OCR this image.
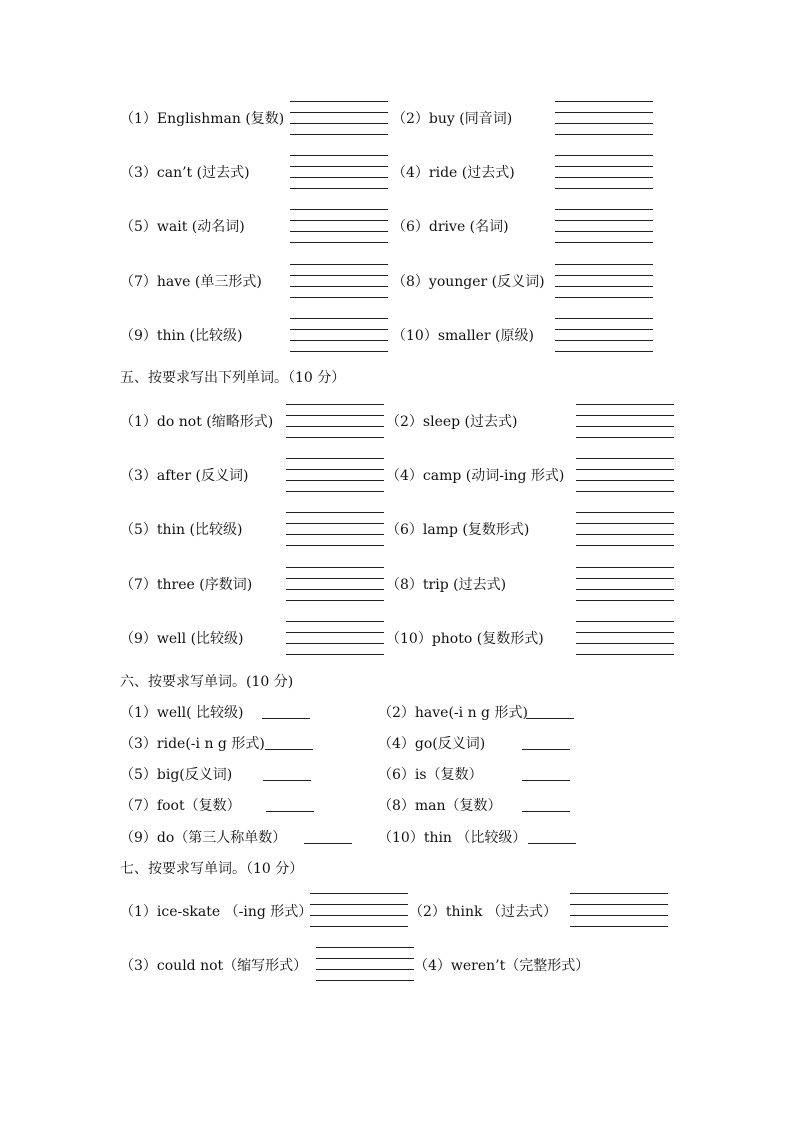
（1）Englishman (复数)	（2）buy (同音词)
（3）can’t (过去式)	（4）ride (过去式)
（5）wait (动名词)	（6）drive (名词)
（7）have (单三形式)	（8）younger (反义词)
（9）thin (比较级)	（10）smaller (原级)
五、按要求写出下列单词。（10 分）
（1）do not (缩略形式)	（2）sleep (过去式)
（3）after (反义词)	（4）camp (动词-ing 形式)
（5）thin (比较级)	（6）lamp (复数形式)
（7）three (序数词)	（8）trip (过去式)
（9）well (比较级)	（10）photo (复数形式)
六、按要求写单词。(10 分)
（1）well( 比较级)	（2）have(-i n g 形式)
（3）ride(-i n g 形式)	（4）go(反义词)
（5）big(反义词)	（6）is（复数）
（7）foot（复数）	（8）man（复数）
（9）do（第三人称单数）	（10）thin （比较级）
七、按要求写单词。（10 分）
（1）ice-skate （-ing 形式）	（2）think （过去式）
（3）could not（缩写形式）	（4）weren’t（完整形式）
